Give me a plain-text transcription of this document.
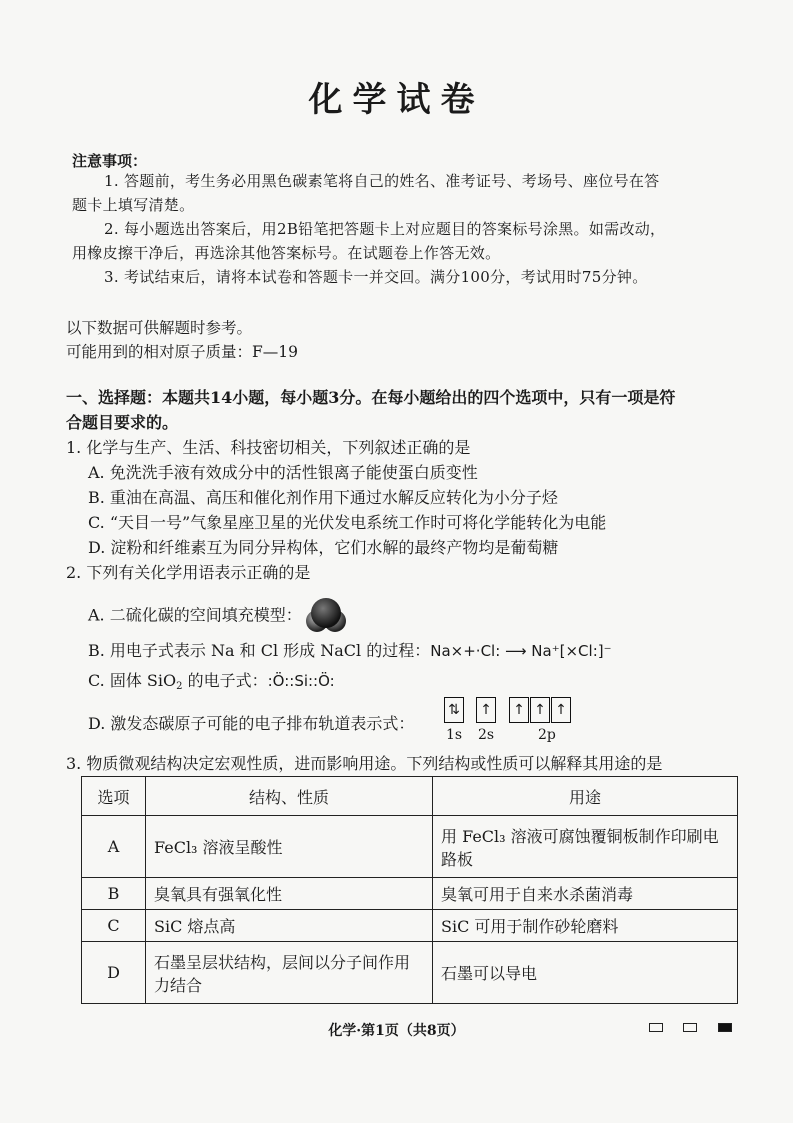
化学试卷
注意事项：
1. 答题前，考生务必用黑色碳素笔将自己的姓名、准考证号、考场号、座位号在答
题卡上填写清楚。
2. 每小题选出答案后，用2B铅笔把答题卡上对应题目的答案标号涂黑。如需改动，
用橡皮擦干净后，再选涂其他答案标号。在试题卷上作答无效。
3. 考试结束后，请将本试卷和答题卡一并交回。满分100分，考试用时75分钟。
以下数据可供解题时参考。
可能用到的相对原子质量：F—19
一、选择题：本题共14小题，每小题3分。在每小题给出的四个选项中，只有一项是符
合题目要求的。
1. 化学与生产、生活、科技密切相关，下列叙述正确的是
A. 免洗洗手液有效成分中的活性银离子能使蛋白质变性
B. 重油在高温、高压和催化剂作用下通过水解反应转化为小分子烃
C. “天目一号”气象星座卫星的光伏发电系统工作时可将化学能转化为电能
D. 淀粉和纤维素互为同分异构体，它们水解的最终产物均是葡萄糖
2. 下列有关化学用语表示正确的是
A. 二硫化碳的空间填充模型：
B. 用电子式表示 Na 和 Cl 形成 NaCl 的过程：Na×+·Cl: ⟶ Na⁺[×Cl:]⁻
C. 固体 SiO$_2$ 的电子式：:Ö::Si::Ö:
D. 激发态碳原子可能的电子排布轨道表示式：
⇅ ↑ ↑ ↑ ↑
1s 2s	2p
3. 物质微观结构决定宏观性质，进而影响用途。下列结构或性质可以解释其用途的是
选项	结构、性质	用途
A	FeCl₃ 溶液呈酸性	用 FeCl₃ 溶液可腐蚀覆铜板制作印刷电路板
B	臭氧具有强氧化性	臭氧可用于自来水杀菌消毒
C	SiC 熔点高	SiC 可用于制作砂轮磨料
D	石墨呈层状结构，层间以分子间作用力结合	石墨可以导电
化学·第1页（共8页）
